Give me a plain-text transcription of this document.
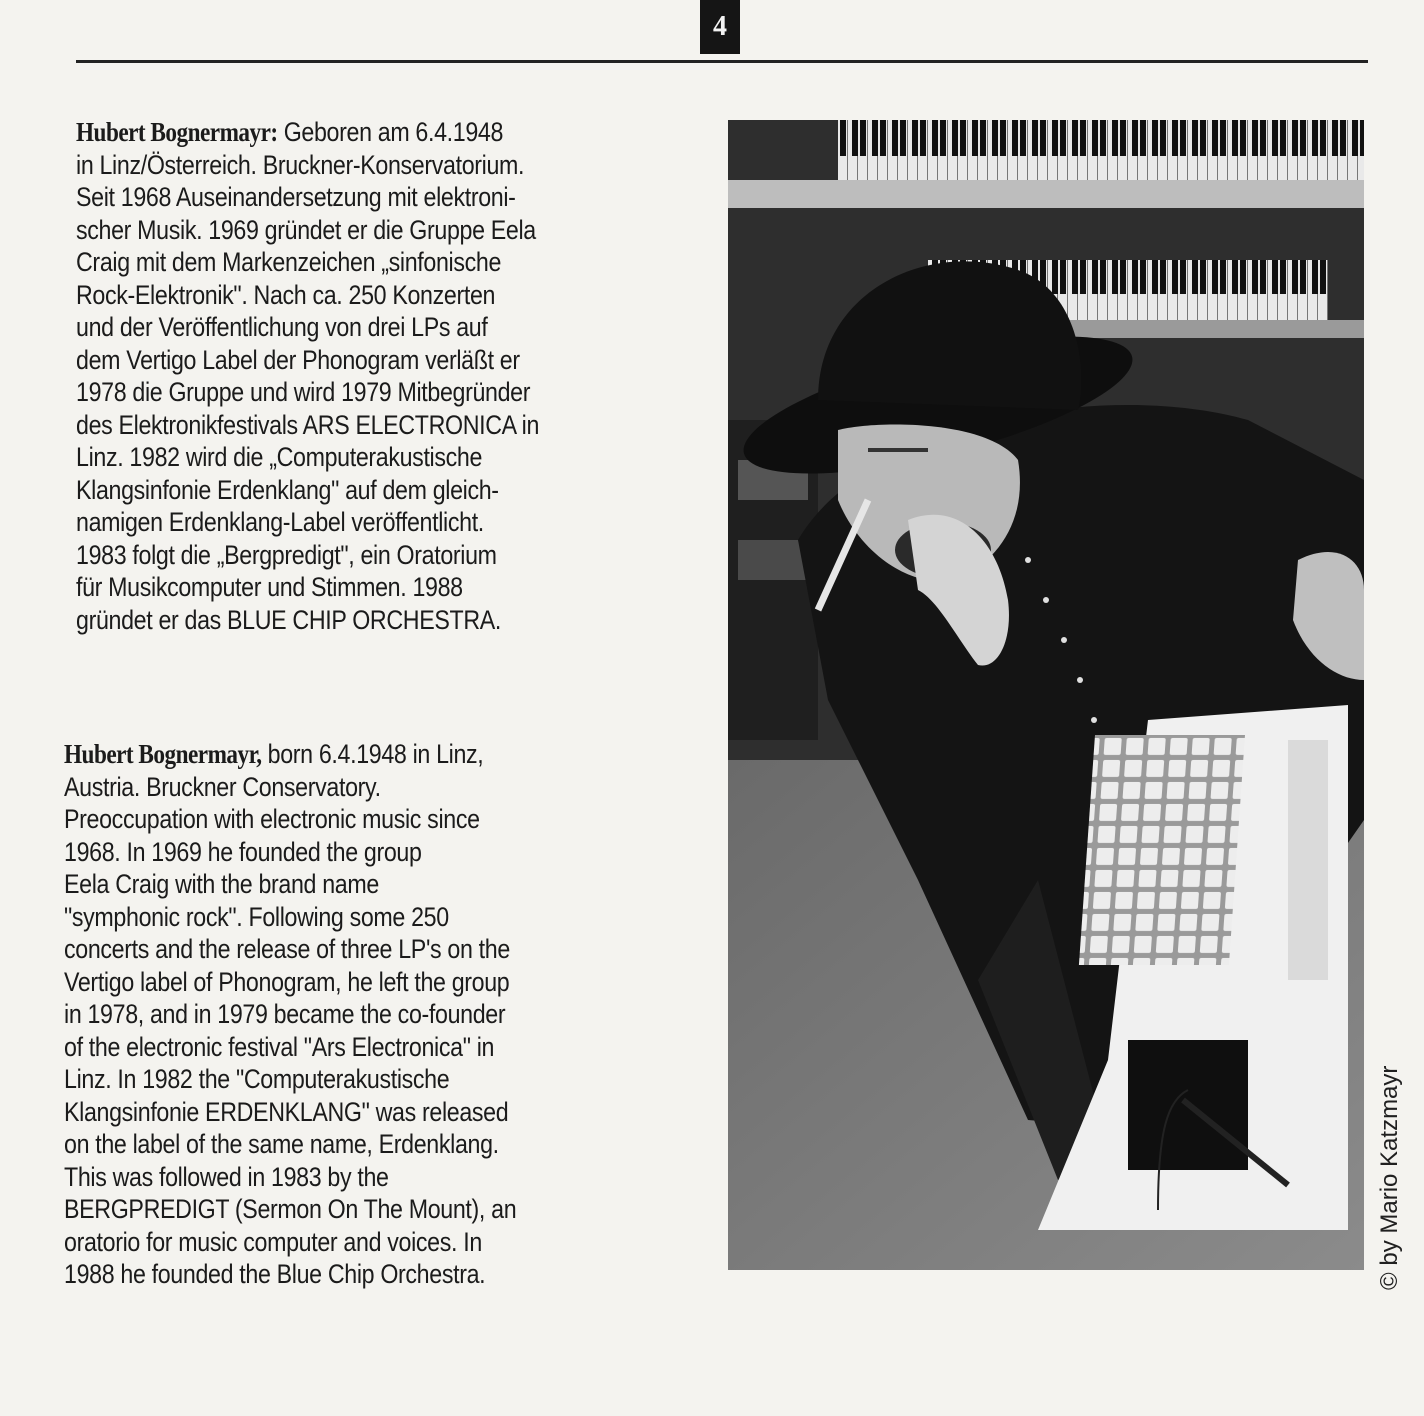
4

Hubert Bognermayr: Geboren am 6.4.1948
in Linz/Österreich. Bruckner-Konservatorium.
Seit 1968 Auseinandersetzung mit elektroni-
scher Musik. 1969 gründet er die Gruppe Eela
Craig mit dem Markenzeichen „sinfonische
Rock-Elektronik". Nach ca. 250 Konzerten
und der Veröffentlichung von drei LPs auf
dem Vertigo Label der Phonogram verläßt er
1978 die Gruppe und wird 1979 Mitbegründer
des Elektronikfestivals ARS ELECTRONICA in
Linz. 1982 wird die „Computerakustische
Klangsinfonie Erdenklang" auf dem gleich-
namigen Erdenklang-Label veröffentlicht.
1983 folgt die „Bergpredigt", ein Oratorium
für Musikcomputer und Stimmen. 1988
gründet er das BLUE CHIP ORCHESTRA.

Hubert Bognermayr, born 6.4.1948 in Linz,
Austria. Bruckner Conservatory.
Preoccupation with electronic music since
1968. In 1969 he founded the group
Eela Craig with the brand name
"symphonic rock". Following some 250
concerts and the release of three LP's on the
Vertigo label of Phonogram, he left the group
in 1978, and in 1979 became the co-founder
of the electronic festival "Ars Electronica" in
Linz. In 1982 the "Computerakustische
Klangsinfonie ERDENKLANG" was released
on the label of the same name, Erdenklang.
This was followed in 1983 by the
BERGPREDIGT (Sermon On The Mount), an
oratorio for music computer and voices. In
1988 he founded the Blue Chip Orchestra.	© by Mario Katzmayr
